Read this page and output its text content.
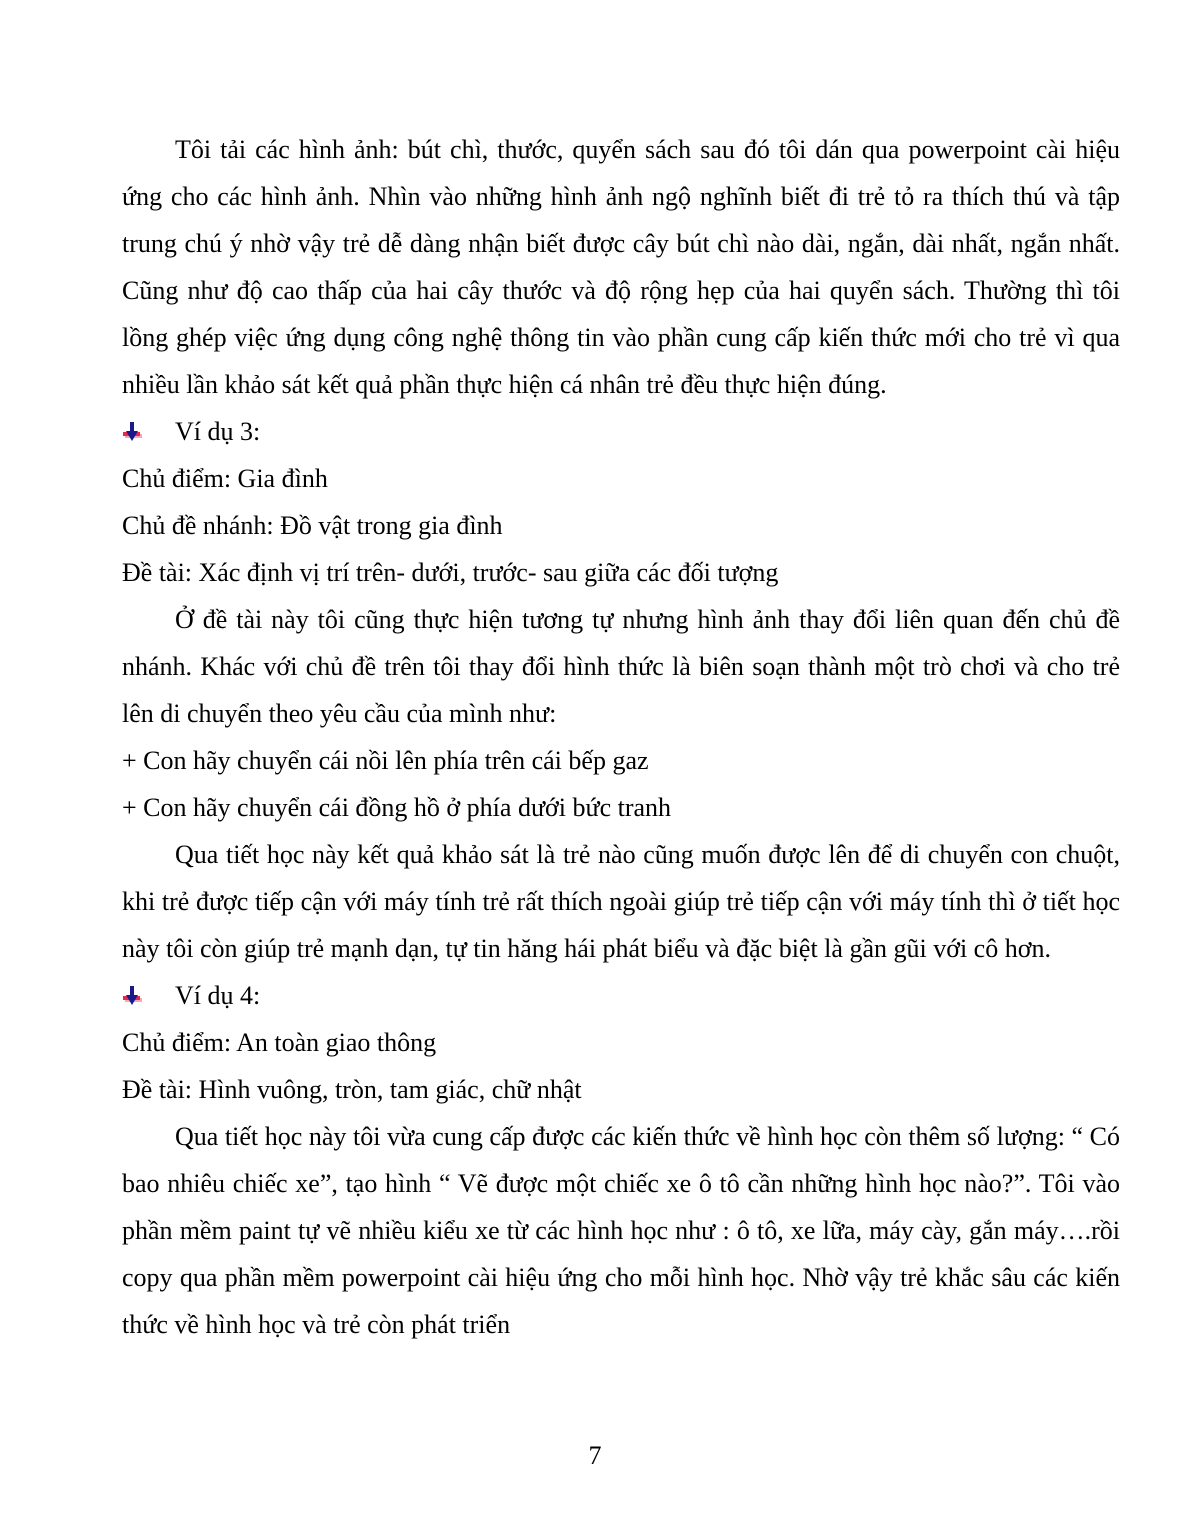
Tôi tải các hình ảnh: bút chì, thước, quyển sách sau đó tôi dán qua powerpoint cài hiệu ứng cho các hình ảnh. Nhìn vào những hình ảnh ngộ nghĩnh biết đi trẻ tỏ ra thích thú và tập trung chú ý nhờ vậy trẻ dễ dàng nhận biết được cây bút chì nào dài, ngắn, dài nhất, ngắn nhất. Cũng như độ cao thấp của hai cây thước và độ rộng hẹp của hai quyển sách. Thường thì tôi lồng ghép việc ứng dụng công nghệ thông tin vào phần cung cấp kiến thức mới cho trẻ vì qua nhiều lần khảo sát kết quả phần thực hiện cá nhân trẻ đều thực hiện đúng.

Ví dụ 3:

Chủ điểm: Gia đình

Chủ đề nhánh: Đồ vật trong gia đình

Đề tài: Xác định vị trí trên- dưới, trước- sau giữa các đối tượng

Ở đề tài này tôi cũng thực hiện tương tự nhưng hình ảnh thay đổi liên quan đến chủ đề nhánh. Khác với chủ đề trên tôi thay đổi hình thức là biên soạn thành một trò chơi và cho trẻ lên di chuyển theo yêu cầu của mình như:

+ Con hãy chuyển cái nồi lên phía trên cái bếp gaz

+ Con hãy chuyển cái đồng hồ ở phía dưới bức tranh

Qua tiết học này kết quả khảo sát là trẻ nào cũng muốn được lên để di chuyển con chuột, khi trẻ được tiếp cận với máy tính trẻ rất thích ngoài giúp trẻ tiếp cận với máy tính thì ở tiết học này tôi còn giúp trẻ mạnh dạn, tự tin hăng hái phát biểu và đặc biệt là gần gũi với cô hơn.

Ví dụ 4:

Chủ điểm: An toàn giao thông

Đề tài: Hình vuông, tròn, tam giác, chữ nhật

Qua tiết học này tôi vừa cung cấp được các kiến thức về hình học còn thêm số lượng: “ Có bao nhiêu chiếc xe”, tạo hình “ Vẽ được một chiếc xe ô tô cần những hình học nào?”. Tôi vào phần mềm paint tự vẽ nhiều kiểu xe từ các hình học như : ô tô, xe lữa, máy cày, gắn máy….rồi copy qua phần mềm powerpoint cài hiệu ứng cho mỗi hình học. Nhờ vậy trẻ khắc sâu các kiến thức về hình học và trẻ còn phát triển

7
